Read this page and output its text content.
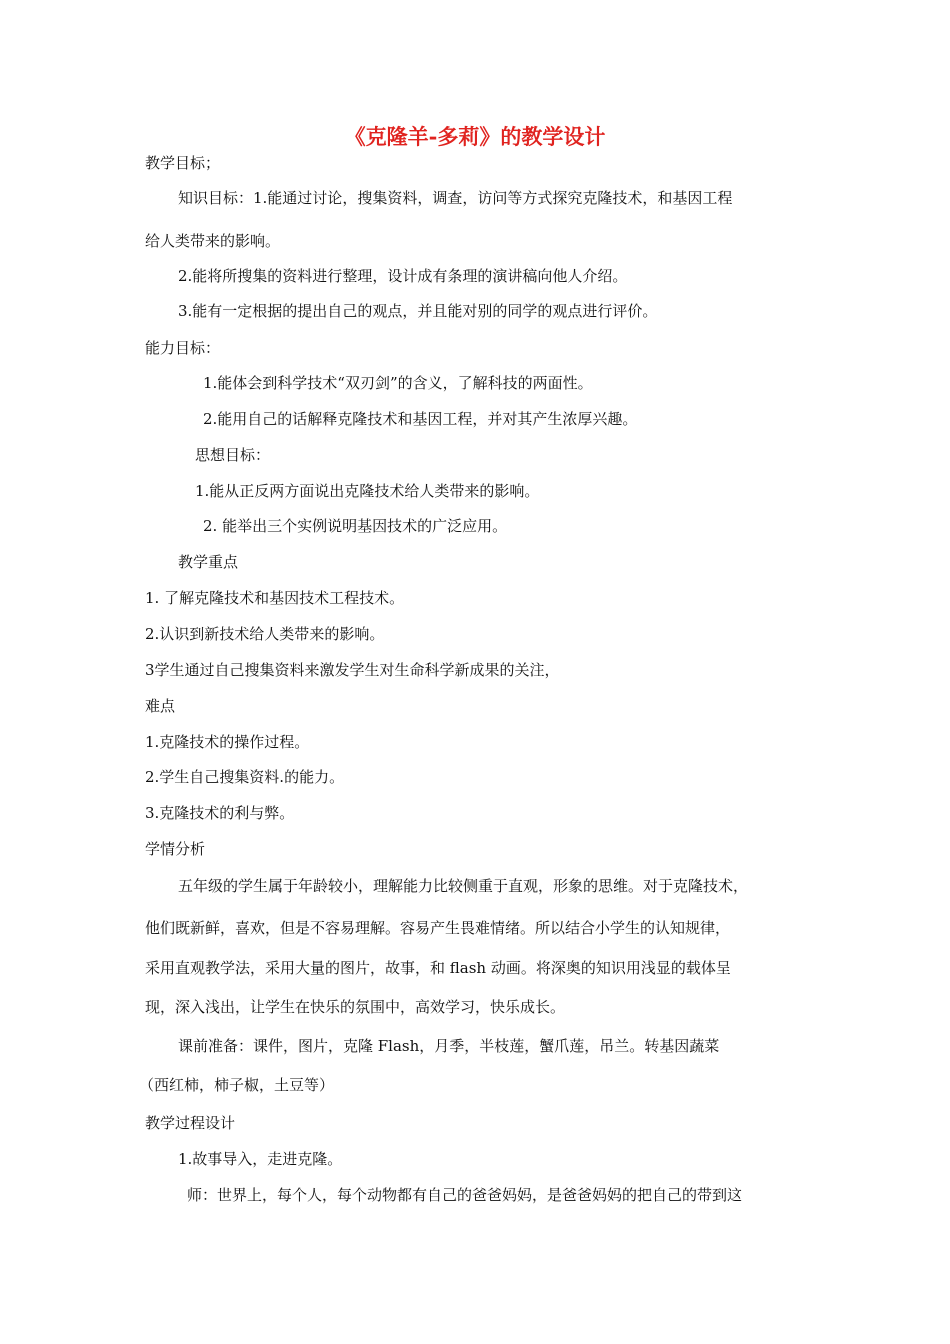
《克隆羊-多莉》的教学设计
教学目标；
知识目标：1.能通过讨论，搜集资料，调查，访问等方式探究克隆技术，和基因工程
给人类带来的影响。
2.能将所搜集的资料进行整理，设计成有条理的演讲稿向他人介绍。
3.能有一定根据的提出自己的观点，并且能对别的同学的观点进行评价。
能力目标：
1.能体会到科学技术“双刃剑”的含义，了解科技的两面性。
2.能用自己的话解释克隆技术和基因工程，并对其产生浓厚兴趣。
思想目标：
1.能从正反两方面说出克隆技术给人类带来的影响。
2. 能举出三个实例说明基因技术的广泛应用。
教学重点
1. 了解克隆技术和基因技术工程技术。
2.认识到新技术给人类带来的影响。
3学生通过自己搜集资料来激发学生对生命科学新成果的关注，
难点
1.克隆技术的操作过程。
2.学生自己搜集资料.的能力。
3.克隆技术的利与弊。
学情分析
五年级的学生属于年龄较小，理解能力比较侧重于直观，形象的思维。对于克隆技术，
他们既新鲜，喜欢，但是不容易理解。容易产生畏难情绪。所以结合小学生的认知规律，
采用直观教学法，采用大量的图片，故事，和 flash 动画。将深奥的知识用浅显的载体呈
现，深入浅出，让学生在快乐的氛围中，高效学习，快乐成长。
课前准备：课件，图片，克隆 Flash，月季，半枝莲，蟹爪莲，吊兰。转基因蔬菜
（西红柿，柿子椒，土豆等）
教学过程设计
1.故事导入，走进克隆。
师：世界上，每个人，每个动物都有自己的爸爸妈妈，是爸爸妈妈的把自己的带到这
